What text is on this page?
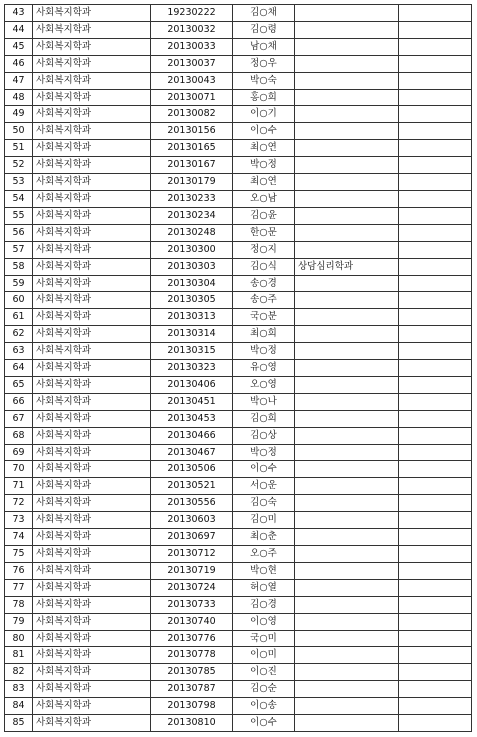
43	사회복지학과	19230222	김○채		
44	사회복지학과	20130032	김○령		
45	사회복지학과	20130033	남○채		
46	사회복지학과	20130037	정○우		
47	사회복지학과	20130043	박○숙		
48	사회복지학과	20130071	홍○희		
49	사회복지학과	20130082	이○기		
50	사회복지학과	20130156	이○수		
51	사회복지학과	20130165	최○연		
52	사회복지학과	20130167	박○정		
53	사회복지학과	20130179	최○연		
54	사회복지학과	20130233	오○남		
55	사회복지학과	20130234	김○윤		
56	사회복지학과	20130248	한○문		
57	사회복지학과	20130300	정○지		
58	사회복지학과	20130303	김○식	상담심리학과	
59	사회복지학과	20130304	송○경		
60	사회복지학과	20130305	송○주		
61	사회복지학과	20130313	국○분		
62	사회복지학과	20130314	최○희		
63	사회복지학과	20130315	박○정		
64	사회복지학과	20130323	유○영		
65	사회복지학과	20130406	오○영		
66	사회복지학과	20130451	박○나		
67	사회복지학과	20130453	김○희		
68	사회복지학과	20130466	김○상		
69	사회복지학과	20130467	박○정		
70	사회복지학과	20130506	이○수		
71	사회복지학과	20130521	서○운		
72	사회복지학과	20130556	김○숙		
73	사회복지학과	20130603	김○미		
74	사회복지학과	20130697	최○춘		
75	사회복지학과	20130712	오○주		
76	사회복지학과	20130719	박○현		
77	사회복지학과	20130724	허○열		
78	사회복지학과	20130733	김○경		
79	사회복지학과	20130740	이○영		
80	사회복지학과	20130776	국○미		
81	사회복지학과	20130778	이○미		
82	사회복지학과	20130785	이○진		
83	사회복지학과	20130787	김○순		
84	사회복지학과	20130798	이○송		
85	사회복지학과	20130810	이○수		
